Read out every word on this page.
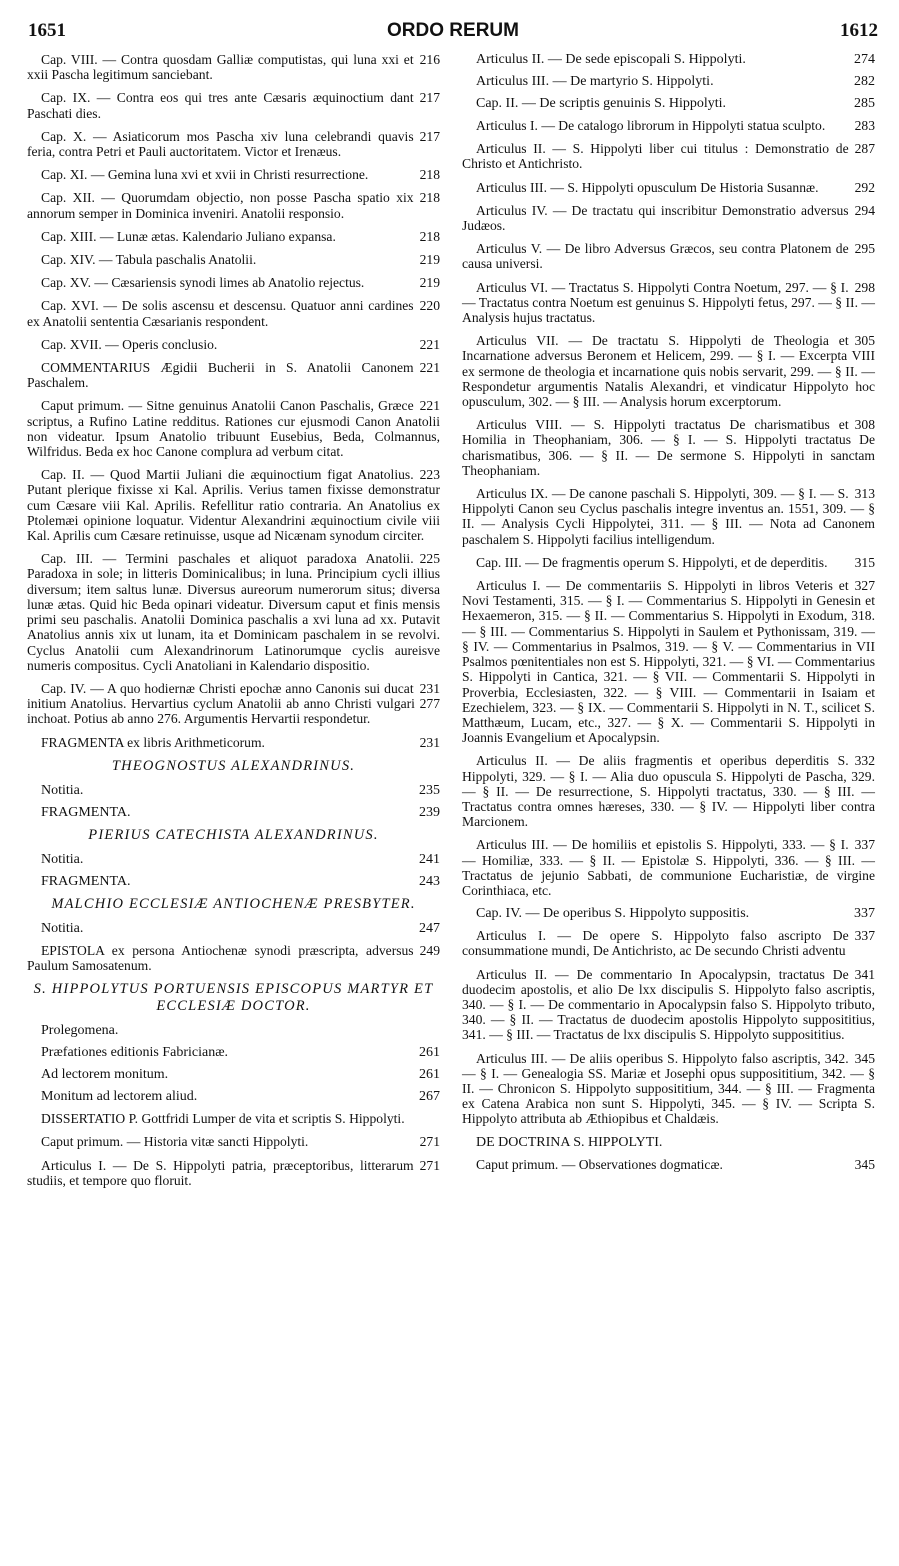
1651	ORDO RERUM	1612
216
Cap. VIII. — Contra quosdam Galliæ computistas, qui luna xxi et xxii Pascha legitimum sanciebant.
217
Cap. IX. — Contra eos qui tres ante Cæsaris æquinoctium dant Paschati dies.
217
Cap. X. — Asiaticorum mos Pascha xiv luna celebrandi quavis feria, contra Petri et Pauli auctoritatem. Victor et Irenæus.
218
Cap. XI. — Gemina luna xvi et xvii in Christi resurrectione.
218
Cap. XII. — Quorumdam objectio, non posse Pascha spatio xix annorum semper in Dominica inveniri. Anatolii responsio.
218
Cap. XIII. — Lunæ ætas. Kalendario Juliano expansa.
219
Cap. XIV. — Tabula paschalis Anatolii.
219
Cap. XV. — Cæsariensis synodi limes ab Anatolio rejectus.
220
Cap. XVI. — De solis ascensu et descensu. Quatuor anni cardines ex Anatolii sententia Cæsarianis respondent.
221
Cap. XVII. — Operis conclusio.
221
COMMENTARIUS Ægidii Bucherii in S. Anatolii Canonem Paschalem.
221
Caput primum. — Sitne genuinus Anatolii Canon Paschalis, Græce scriptus, a Rufino Latine redditus. Rationes cur ejusmodi Canon Anatolii non videatur. Ipsum Anatolio tribuunt Eusebius, Beda, Colmannus, Wilfridus. Beda ex hoc Canone complura ad verbum citat.
223
Cap. II. — Quod Martii Juliani die æquinoctium figat Anatolius. Putant plerique fixisse xi Kal. Aprilis. Verius tamen fixisse demonstratur cum Cæsare viii Kal. Aprilis. Refellitur ratio contraria. An Anatolius ex Ptolemæi opinione loquatur. Videntur Alexandrini æquinoctium civile viii Kal. Aprilis cum Cæsare retinuisse, usque ad Nicænam synodum circiter.
225
Cap. III. — Termini paschales et aliquot paradoxa Anatolii. Paradoxa in sole; in litteris Dominicalibus; in luna. Principium cycli illius diversum; item saltus lunæ. Diversus aureorum numerorum situs; diversa lunæ ætas. Quid hic Beda opinari videatur. Diversum caput et finis mensis primi seu paschalis. Anatolii Dominica paschalis a xvi luna ad xx. Putavit Anatolius annis xix ut lunam, ita et Dominicam paschalem in se revolvi. Cyclus Anatolii cum Alexandrinorum Latinorumque cyclis aureisve numeris compositus. Cycli Anatoliani in Kalendario dispositio.
231
Cap. IV. — A quo hodiernæ Christi epochæ anno Canonis sui ducat initium Anatolius. Hervartius cyclum Anatolii ab anno Christi vulgari 277 inchoat. Potius ab anno 276. Argumentis Hervartii respondetur.
231
FRAGMENTA ex libris Arithmeticorum.
THEOGNOSTUS ALEXANDRINUS.
235
Notitia.
239
FRAGMENTA.
PIERIUS CATECHISTA ALEXANDRINUS.
241
Notitia.
243
FRAGMENTA.
MALCHIO ECCLESIÆ ANTIOCHENÆ PRESBYTER.
247
Notitia.
249
EPISTOLA ex persona Antiochenæ synodi præscripta, adversus Paulum Samosatenum.
S. HIPPOLYTUS PORTUENSIS EPISCOPUS MARTYR ET ECCLESIÆ DOCTOR.
Prolegomena.
261
Præfationes editionis Fabricianæ.
261
Ad lectorem monitum.
267
Monitum ad lectorem aliud.
DISSERTATIO P. Gottfridi Lumper de vita et scriptis S. Hippolyti.
271
Caput primum. — Historia vitæ sancti Hippolyti.
271
Articulus I. — De S. Hippolyti patria, præceptoribus, litterarum studiis, et tempore quo floruit.
274
Articulus II. — De sede episcopali S. Hippolyti.
282
Articulus III. — De martyrio S. Hippolyti.
285
Cap. II. — De scriptis genuinis S. Hippolyti.
283
Articulus I. — De catalogo librorum in Hippolyti statua sculpto.
287
Articulus II. — S. Hippolyti liber cui titulus : Demonstratio de Christo et Antichristo.
292
Articulus III. — S. Hippolyti opusculum De Historia Susannæ.
294
Articulus IV. — De tractatu qui inscribitur Demonstratio adversus Judæos.
295
Articulus V. — De libro Adversus Græcos, seu contra Platonem de causa universi.
298
Articulus VI. — Tractatus S. Hippolyti Contra Noetum, 297. — § I. — Tractatus contra Noetum est genuinus S. Hippolyti fetus, 297. — § II. — Analysis hujus tractatus.
305
Articulus VII. — De tractatu S. Hippolyti de Theologia et Incarnatione adversus Beronem et Helicem, 299. — § I. — Excerpta VIII ex sermone de theologia et incarnatione quis nobis servarit, 299. — § II. — Respondetur argumentis Natalis Alexandri, et vindicatur Hippolyto hoc opusculum, 302. — § III. — Analysis horum excerptorum.
308
Articulus VIII. — S. Hippolyti tractatus De charismatibus et Homilia in Theophaniam, 306. — § I. — S. Hippolyti tractatus De charismatibus, 306. — § II. — De sermone S. Hippolyti in sanctam Theophaniam.
313
Articulus IX. — De canone paschali S. Hippolyti, 309. — § I. — S. Hippolyti Canon seu Cyclus paschalis integre inventus an. 1551, 309. — § II. — Analysis Cycli Hippolytei, 311. — § III. — Nota ad Canonem paschalem S. Hippolyti facilius intelligendum.
315
Cap. III. — De fragmentis operum S. Hippolyti, et de deperditis.
327
Articulus I. — De commentariis S. Hippolyti in libros Veteris et Novi Testamenti, 315. — § I. — Commentarius S. Hippolyti in Genesin et Hexaemeron, 315. — § II. — Commentarius S. Hippolyti in Exodum, 318. — § III. — Commentarius S. Hippolyti in Saulem et Pythonissam, 319. — § IV. — Commentarius in Psalmos, 319. — § V. — Commentarius in VII Psalmos pœnitentiales non est S. Hippolyti, 321. — § VI. — Commentarius S. Hippolyti in Cantica, 321. — § VII. — Commentarii S. Hippolyti in Proverbia, Ecclesiasten, 322. — § VIII. — Commentarii in Isaiam et Ezechielem, 323. — § IX. — Commentarii S. Hippolyti in N. T., scilicet S. Matthæum, Lucam, etc., 327. — § X. — Commentarii S. Hippolyti in Joannis Evangelium et Apocalypsin.
332
Articulus II. — De aliis fragmentis et operibus deperditis S. Hippolyti, 329. — § I. — Alia duo opuscula S. Hippolyti de Pascha, 329. — § II. — De resurrectione, S. Hippolyti tractatus, 330. — § III. — Tractatus contra omnes hæreses, 330. — § IV. — Hippolyti liber contra Marcionem.
337
Articulus III. — De homiliis et epistolis S. Hippolyti, 333. — § I. — Homiliæ, 333. — § II. — Epistolæ S. Hippolyti, 336. — § III. — Tractatus de jejunio Sabbati, de communione Eucharistiæ, de virgine Corinthiaca, etc.
337
Cap. IV. — De operibus S. Hippolyto suppositis.
337
Articulus I. — De opere S. Hippolyto falso ascripto De consummatione mundi, De Antichristo, ac De secundo Christi adventu
341
Articulus II. — De commentario In Apocalypsin, tractatus De duodecim apostolis, et alio De lxx discipulis S. Hippolyto falso ascriptis, 340. — § I. — De commentario in Apocalypsin falso S. Hippolyto tributo, 340. — § II. — Tractatus de duodecim apostolis Hippolyto supposititius, 341. — § III. — Tractatus de lxx discipulis S. Hippolyto supposititius.
345
Articulus III. — De aliis operibus S. Hippolyto falso ascriptis, 342. — § I. — Genealogia SS. Mariæ et Josephi opus supposititium, 342. — § II. — Chronicon S. Hippolyto supposititium, 344. — § III. — Fragmenta ex Catena Arabica non sunt S. Hippolyti, 345. — § IV. — Scripta S. Hippolyto attributa ab Æthiopibus et Chaldæis.
DE DOCTRINA S. HIPPOLYTI.
345
Caput primum. — Observationes dogmaticæ.
